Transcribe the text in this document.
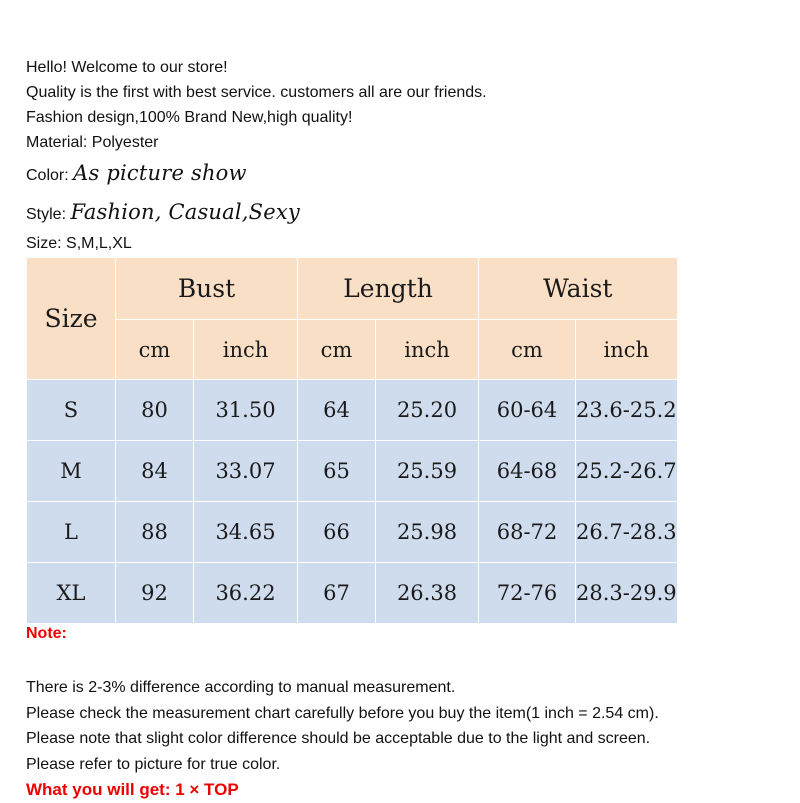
Hello! Welcome to our store!
Quality is the first with best service. customers all are our friends.
Fashion design,100% Brand New,high quality!
Material: Polyester
Color: As picture show
Style: Fashion, Casual,Sexy
Size: S,M,L,XL
Size	Bust		Length		Waist	
	cm	inch	cm	inch	cm	inch
S	80	31.50	64	25.20	60-64	23.6-25.2
M	84	33.07	65	25.59	64-68	25.2-26.7
L	88	34.65	66	25.98	68-72	26.7-28.3
XL	92	36.22	67	26.38	72-76	28.3-29.9
Note:
There is 2-3% difference according to manual measurement.
Please check the measurement chart carefully before you buy the item(1 inch = 2.54 cm).
Please note that slight color difference should be acceptable due to the light and screen.
Please refer to picture for true color.
What you will get: 1 × TOP
